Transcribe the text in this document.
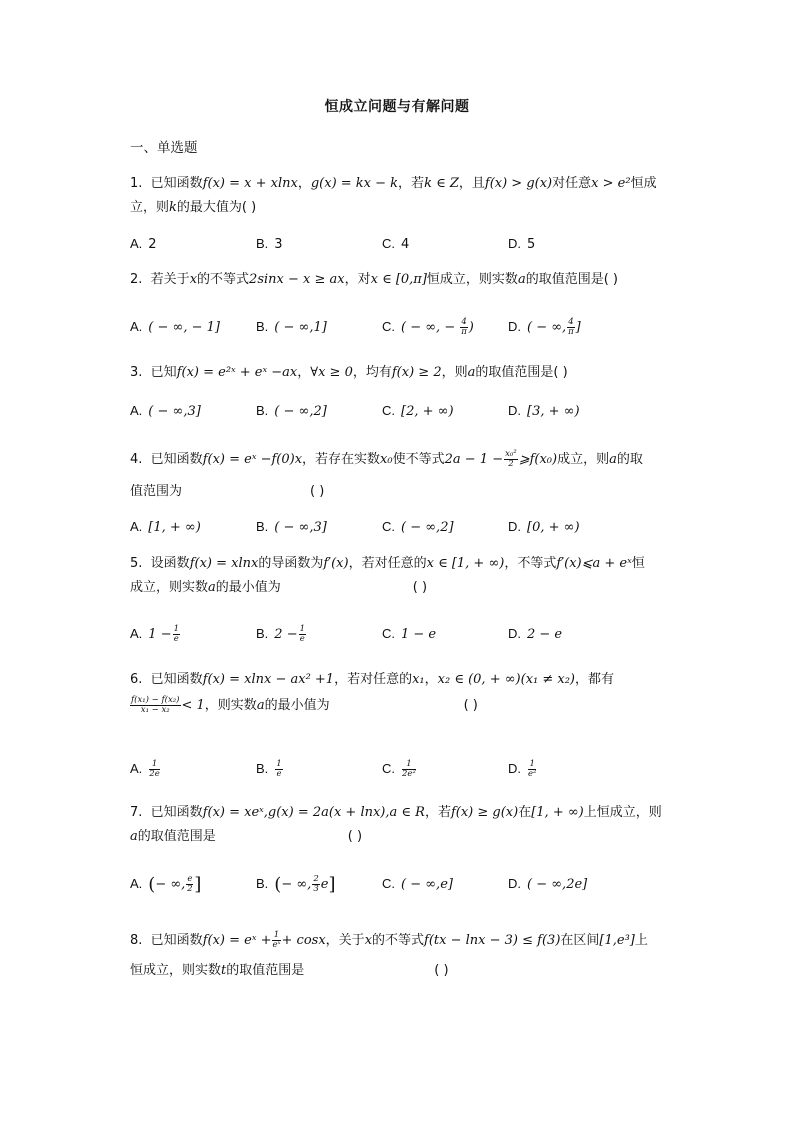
恒成立问题与有解问题
一、单选题
1. 已知函数f(x) = x + xlnx，g(x) = kx − k，若k ∈ Z，且f(x) > g(x)对任意x > e²恒成
立，则k的最大值为( )
A. 2	B. 3	C. 4	D. 5
2. 若关于x的不等式2sinx − x ≥ ax，对x ∈ [0,π]恒成立，则实数a的取值范围是( )
A. ( − ∞, − 1]	B. ( − ∞,1]	C. ( − ∞, − $\frac{4}{\pi}$ )	D. ( − ∞, $\frac{4}{\pi}$ ]
3. 已知f(x) = e²ˣ + eˣ −ax，∀x ≥ 0，均有f(x) ≥ 2，则a的取值范围是( )
A. ( − ∞,3]	B. ( − ∞,2]	C. [2, + ∞)	D. [3, + ∞)
4. 已知函数f(x) = eˣ −f(0)x，若存在实数x₀使不等式$2a - 1 - \frac{\text{x₀²}}{2}$ ⩾f(x₀)成立，则a的取
值范围为	( )
A. [1, + ∞)	B. ( − ∞,3]	C. ( − ∞,2]	D. [0, + ∞)
5. 设函数f(x) = xlnx的导函数为f′(x)，若对任意的x ∈ [1, + ∞)，不等式f′(x)⩽a + eˣ恒
成立，则实数a的最小值为	( )
A. $1 - \frac{1}{e}$	B. $2 - \frac{1}{e}$	C. 1 − e	D. 2 − e
6. 已知函数f(x) = xlnx − ax² +1，若对任意的x₁，x₂ ∈ (0, + ∞)(x₁ ≠ x₂)，都有

$\frac{\text{f(x₁) − f(x₂)}}{\text{x₁ − x₂}} < 1$，则实数a的最小值为	( )
A. $\frac{1}{2e}$	B. $\frac{1}{e}$	C. $\frac{1}{\text{2e²}}$	D. $\frac{1}{\text{e²}}$
7. 已知函数f(x) = xeˣ,g(x) = 2a(x + lnx),a ∈ R，若f(x) ≥ g(x)在[1, + ∞)上恒成立，则
a的取值范围是	( )
A. (− ∞, $\frac{e}{2}$ ]	B. (− ∞, $\frac{2}{3} e$]	C. ( − ∞,e]	D. ( − ∞,2e]
8. 已知函数f(x) = eˣ + $\frac{1}{\text{eˣ}} + \cos x$，关于x的不等式f(tx − lnx − 3) ≤ f(3)在区间[1,e³]上
恒成立，则实数t的取值范围是	( )
